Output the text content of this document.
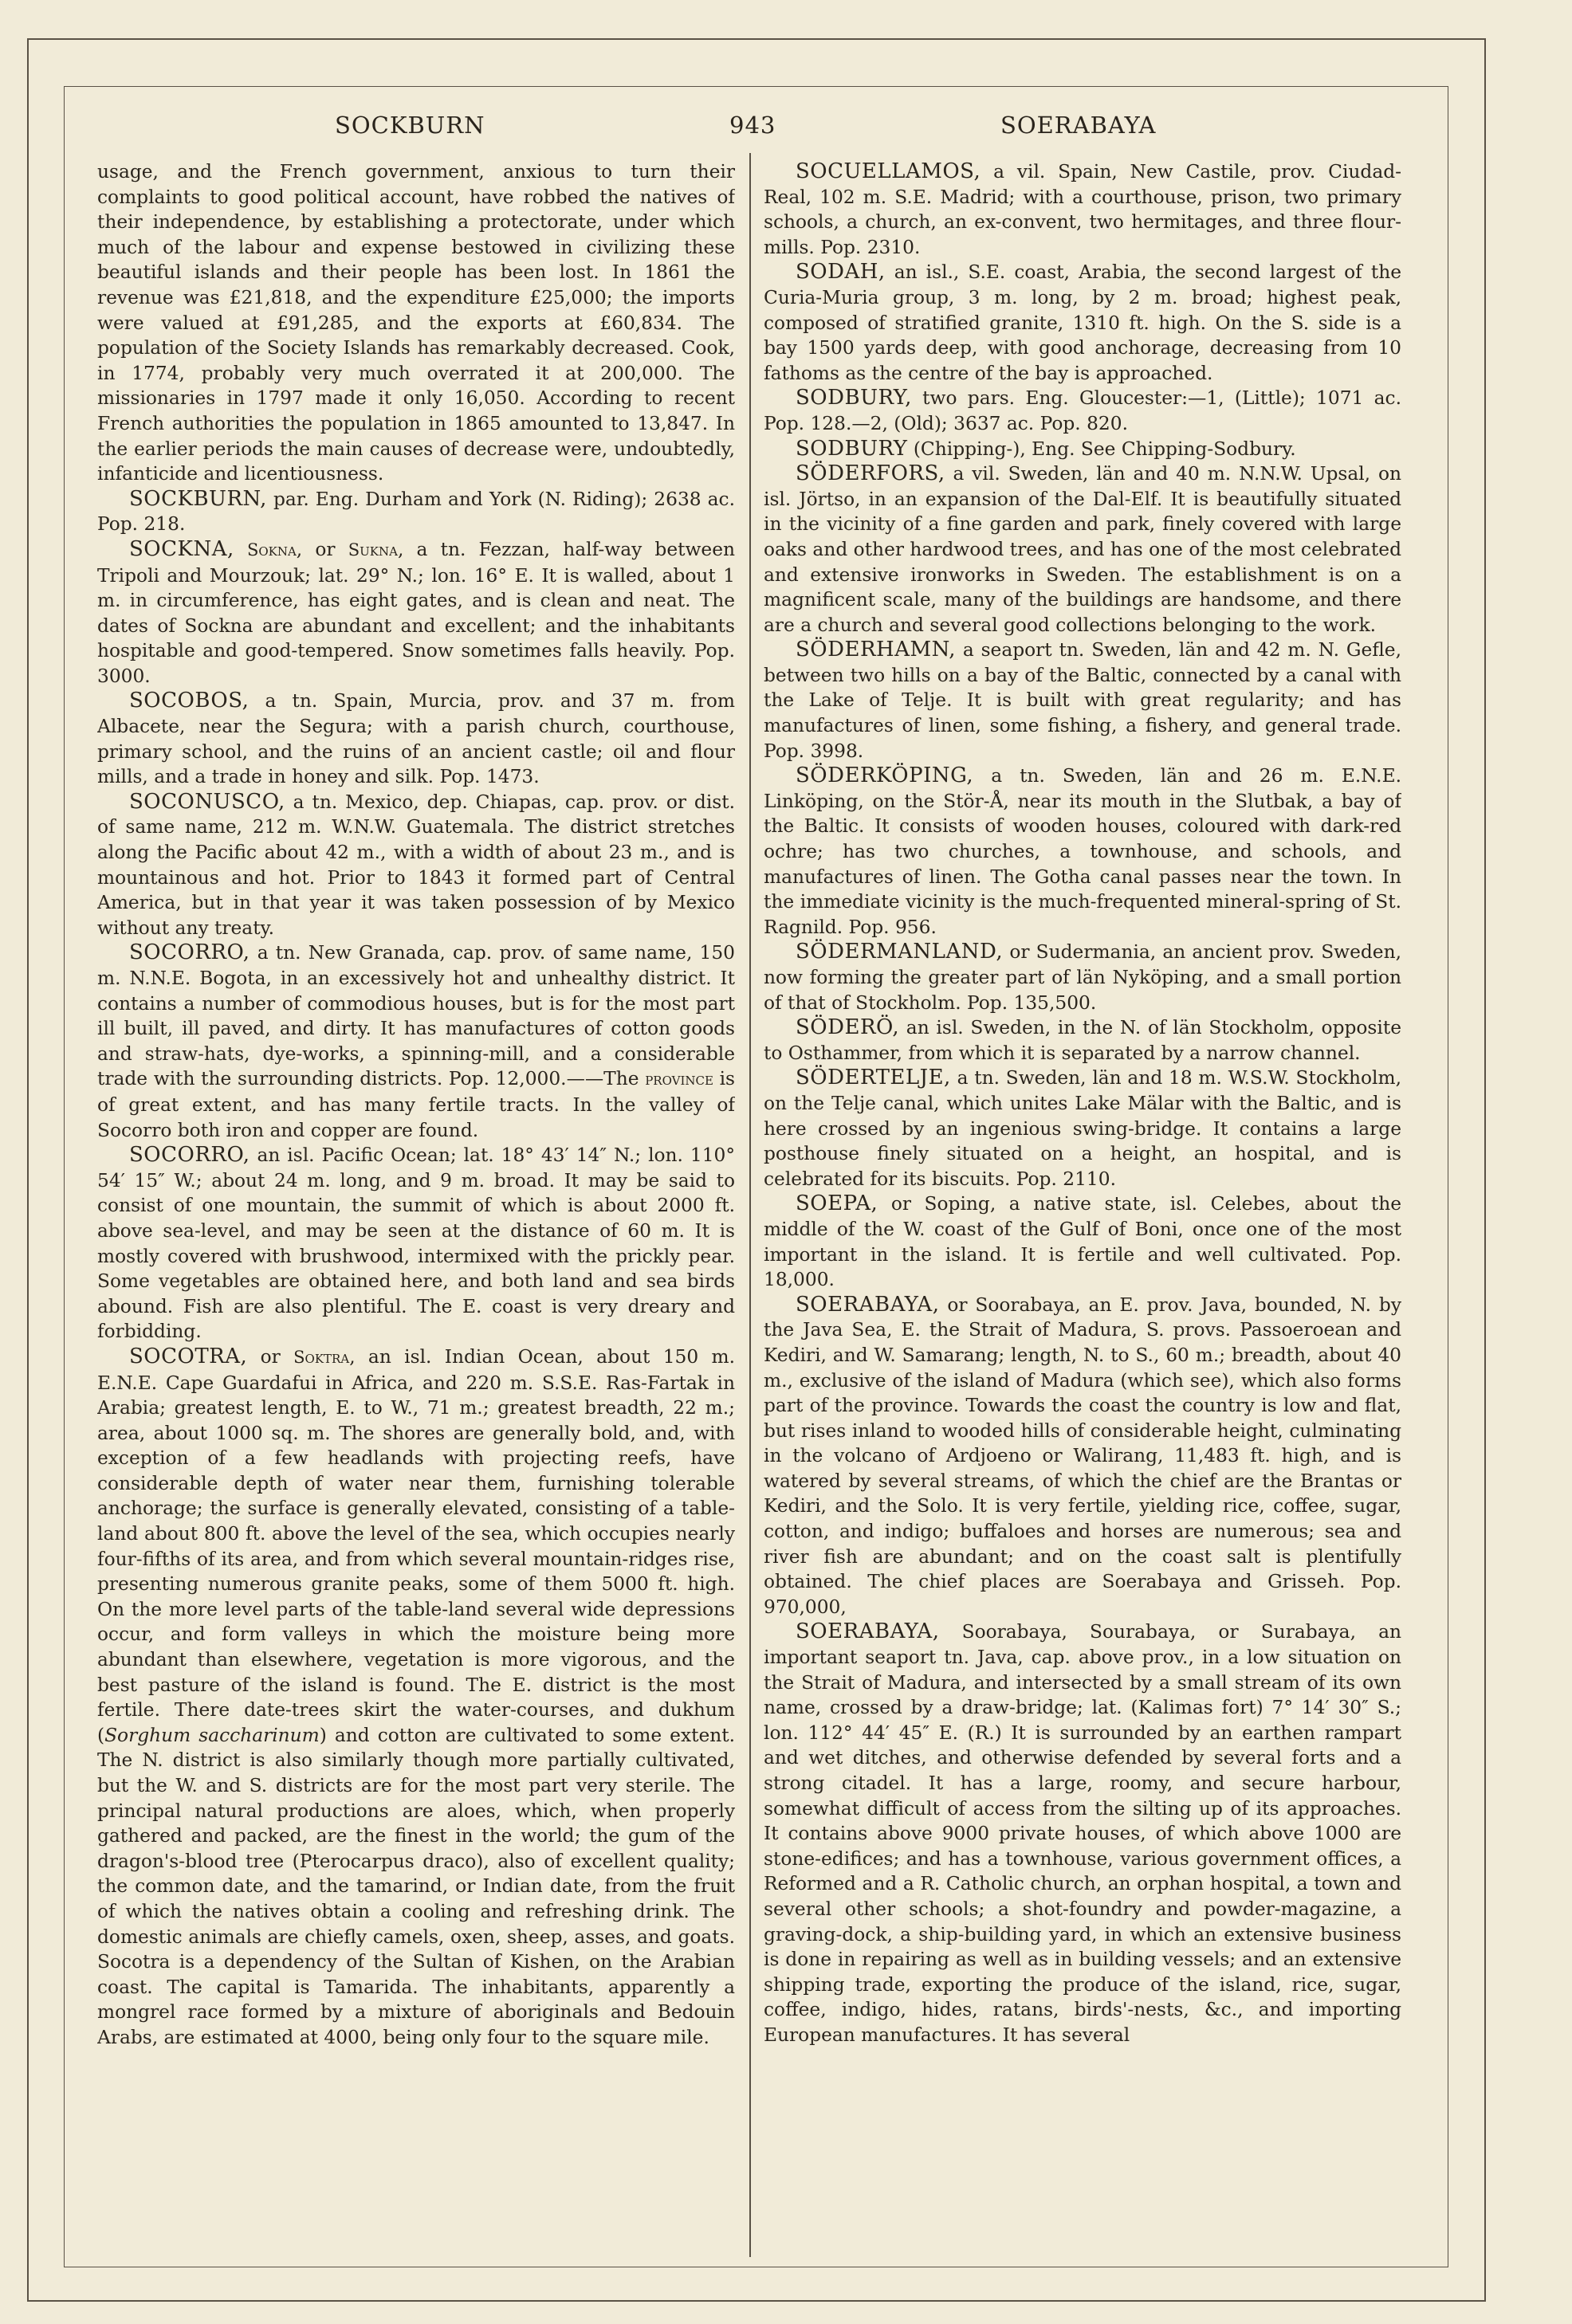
SOCKBURN	943	SOERABAYA

usage, and the French government, anxious to turn their complaints to good political account, have robbed the natives of their independence, by establishing a protectorate, under which much of the labour and expense bestowed in civilizing these beautiful islands and their people has been lost. In 1861 the revenue was £21,818, and the expenditure £25,000; the imports were valued at £91,285, and the exports at £60,834. The population of the Society Islands has remarkably decreased. Cook, in 1774, probably very much overrated it at 200,000. The missionaries in 1797 made it only 16,050. According to recent French authorities the population in 1865 amounted to 13,847. In the earlier periods the main causes of decrease were, undoubtedly, infanticide and licentiousness.

SOCKBURN, par. Eng. Durham and York (N. Riding); 2638 ac. Pop. 218.

SOCKNA, Sokna, or Sukna, a tn. Fezzan, half-way between Tripoli and Mourzouk; lat. 29° N.; lon. 16° E. It is walled, about 1 m. in circumference, has eight gates, and is clean and neat. The dates of Sockna are abundant and excellent; and the inhabitants hospitable and good-tempered. Snow sometimes falls heavily. Pop. 3000.

SOCOBOS, a tn. Spain, Murcia, prov. and 37 m. from Albacete, near the Segura; with a parish church, courthouse, primary school, and the ruins of an ancient castle; oil and flour mills, and a trade in honey and silk. Pop. 1473.

SOCONUSCO, a tn. Mexico, dep. Chiapas, cap. prov. or dist. of same name, 212 m. W.N.W. Guatemala. The district stretches along the Pacific about 42 m., with a width of about 23 m., and is mountainous and hot. Prior to 1843 it formed part of Central America, but in that year it was taken possession of by Mexico without any treaty.

SOCORRO, a tn. New Granada, cap. prov. of same name, 150 m. N.N.E. Bogota, in an excessively hot and unhealthy district. It contains a number of commodious houses, but is for the most part ill built, ill paved, and dirty. It has manufactures of cotton goods and straw-hats, dye-works, a spinning-mill, and a considerable trade with the surrounding districts. Pop. 12,000.——The province is of great extent, and has many fertile tracts. In the valley of Socorro both iron and copper are found.

SOCORRO, an isl. Pacific Ocean; lat. 18° 43′ 14″ N.; lon. 110° 54′ 15″ W.; about 24 m. long, and 9 m. broad. It may be said to consist of one mountain, the summit of which is about 2000 ft. above sea-level, and may be seen at the distance of 60 m. It is mostly covered with brushwood, intermixed with the prickly pear. Some vegetables are obtained here, and both land and sea birds abound. Fish are also plentiful. The E. coast is very dreary and forbidding.

SOCOTRA, or Soktra, an isl. Indian Ocean, about 150 m. E.N.E. Cape Guardafui in Africa, and 220 m. S.S.E. Ras-Fartak in Arabia; greatest length, E. to W., 71 m.; greatest breadth, 22 m.; area, about 1000 sq. m. The shores are generally bold, and, with exception of a few headlands with projecting reefs, have considerable depth of water near them, furnishing tolerable anchorage; the surface is generally elevated, consisting of a table-land about 800 ft. above the level of the sea, which occupies nearly four-fifths of its area, and from which several mountain-ridges rise, presenting numerous granite peaks, some of them 5000 ft. high. On the more level parts of the table-land several wide depressions occur, and form valleys in which the moisture being more abundant than elsewhere, vegetation is more vigorous, and the best pasture of the island is found. The E. district is the most fertile. There date-trees skirt the water-courses, and dukhum (Sorghum saccharinum) and cotton are cultivated to some extent. The N. district is also similarly though more partially cultivated, but the W. and S. districts are for the most part very sterile. The principal natural productions are aloes, which, when properly gathered and packed, are the finest in the world; the gum of the dragon's-blood tree (Pterocarpus draco), also of excellent quality; the common date, and the tamarind, or Indian date, from the fruit of which the natives obtain a cooling and refreshing drink. The domestic animals are chiefly camels, oxen, sheep, asses, and goats. Socotra is a dependency of the Sultan of Kishen, on the Arabian coast. The capital is Tamarida. The inhabitants, apparently a mongrel race formed by a mixture of aboriginals and Bedouin Arabs, are estimated at 4000, being only four to the square mile.

SOCUELLAMOS, a vil. Spain, New Castile, prov. Ciudad-Real, 102 m. S.E. Madrid; with a courthouse, prison, two primary schools, a church, an ex-convent, two hermitages, and three flour-mills. Pop. 2310.

SODAH, an isl., S.E. coast, Arabia, the second largest of the Curia-Muria group, 3 m. long, by 2 m. broad; highest peak, composed of stratified granite, 1310 ft. high. On the S. side is a bay 1500 yards deep, with good anchorage, decreasing from 10 fathoms as the centre of the bay is approached.

SODBURY, two pars. Eng. Gloucester:—1, (Little); 1071 ac. Pop. 128.—2, (Old); 3637 ac. Pop. 820.

SODBURY (Chipping-), Eng. See Chipping-Sodbury.

SÖDERFORS, a vil. Sweden, län and 40 m. N.N.W. Upsal, on isl. Jörtso, in an expansion of the Dal-Elf. It is beautifully situated in the vicinity of a fine garden and park, finely covered with large oaks and other hardwood trees, and has one of the most celebrated and extensive ironworks in Sweden. The establishment is on a magnificent scale, many of the buildings are handsome, and there are a church and several good collections belonging to the work.

SÖDERHAMN, a seaport tn. Sweden, län and 42 m. N. Gefle, between two hills on a bay of the Baltic, connected by a canal with the Lake of Telje. It is built with great regularity; and has manufactures of linen, some fishing, a fishery, and general trade. Pop. 3998.

SÖDERKÖPING, a tn. Sweden, län and 26 m. E.N.E. Linköping, on the Stör-Å, near its mouth in the Slutbak, a bay of the Baltic. It consists of wooden houses, coloured with dark-red ochre; has two churches, a townhouse, and schools, and manufactures of linen. The Gotha canal passes near the town. In the immediate vicinity is the much-frequented mineral-spring of St. Ragnild. Pop. 956.

SÖDERMANLAND, or Sudermania, an ancient prov. Sweden, now forming the greater part of län Nyköping, and a small portion of that of Stockholm. Pop. 135,500.

SÖDERÖ, an isl. Sweden, in the N. of län Stockholm, opposite to Osthammer, from which it is separated by a narrow channel.

SÖDERTELJE, a tn. Sweden, län and 18 m. W.S.W. Stockholm, on the Telje canal, which unites Lake Mälar with the Baltic, and is here crossed by an ingenious swing-bridge. It contains a large posthouse finely situated on a height, an hospital, and is celebrated for its biscuits. Pop. 2110.

SOEPA, or Soping, a native state, isl. Celebes, about the middle of the W. coast of the Gulf of Boni, once one of the most important in the island. It is fertile and well cultivated. Pop. 18,000.

SOERABAYA, or Soorabaya, an E. prov. Java, bounded, N. by the Java Sea, E. the Strait of Madura, S. provs. Passoeroean and Kediri, and W. Samarang; length, N. to S., 60 m.; breadth, about 40 m., exclusive of the island of Madura (which see), which also forms part of the province. Towards the coast the country is low and flat, but rises inland to wooded hills of considerable height, culminating in the volcano of Ardjoeno or Walirang, 11,483 ft. high, and is watered by several streams, of which the chief are the Brantas or Kediri, and the Solo. It is very fertile, yielding rice, coffee, sugar, cotton, and indigo; buffaloes and horses are numerous; sea and river fish are abundant; and on the coast salt is plentifully obtained. The chief places are Soerabaya and Grisseh. Pop. 970,000,

SOERABAYA, Soorabaya, Sourabaya, or Surabaya, an important seaport tn. Java, cap. above prov., in a low situation on the Strait of Madura, and intersected by a small stream of its own name, crossed by a draw-bridge; lat. (Kalimas fort) 7° 14′ 30″ S.; lon. 112° 44′ 45″ E. (R.) It is surrounded by an earthen rampart and wet ditches, and otherwise defended by several forts and a strong citadel. It has a large, roomy, and secure harbour, somewhat difficult of access from the silting up of its approaches. It contains above 9000 private houses, of which above 1000 are stone-edifices; and has a townhouse, various government offices, a Reformed and a R. Catholic church, an orphan hospital, a town and several other schools; a shot-foundry and powder-magazine, a graving-dock, a ship-building yard, in which an extensive business is done in repairing as well as in building vessels; and an extensive shipping trade, exporting the produce of the island, rice, sugar, coffee, indigo, hides, ratans, birds'-nests, &c., and importing European manufactures. It has several
